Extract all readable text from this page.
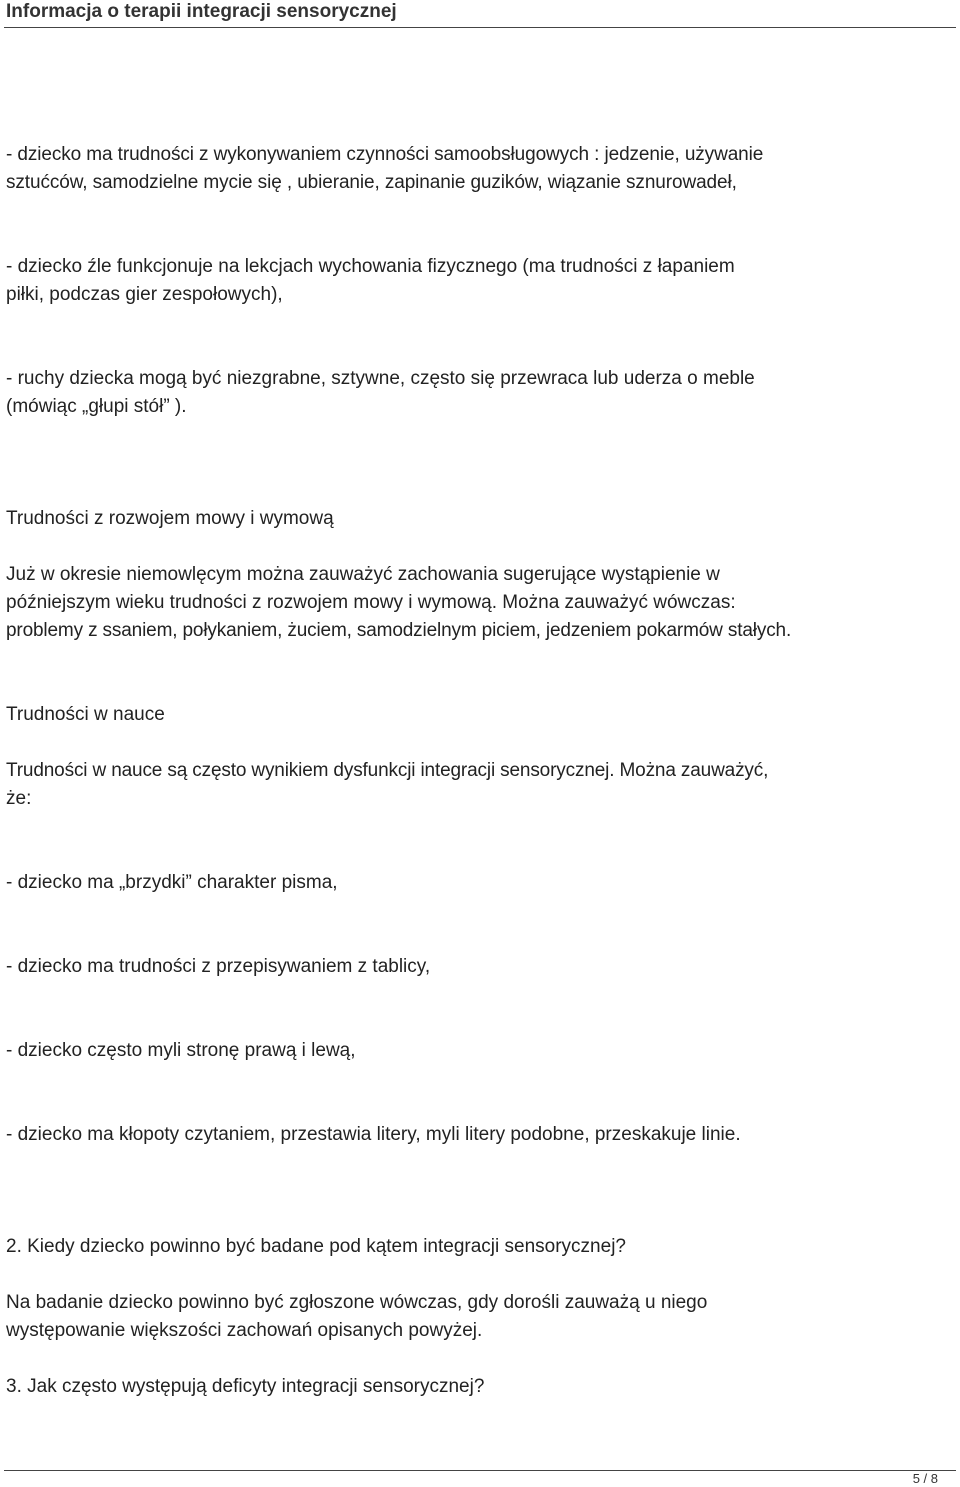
Informacja o terapii integracji sensorycznej

- dziecko ma trudności z wykonywaniem czynności samoobsługowych : jedzenie, używanie
sztućców, samodzielne mycie się , ubieranie, zapinanie guzików, wiązanie sznurowadeł,

- dziecko źle funkcjonuje na lekcjach wychowania fizycznego (ma trudności z łapaniem
piłki, podczas gier zespołowych),

- ruchy dziecka mogą być niezgrabne, sztywne, często się przewraca lub uderza o meble
(mówiąc „głupi stół” ).

Trudności z rozwojem mowy i wymową

Już w okresie niemowlęcym można zauważyć zachowania sugerujące wystąpienie w
późniejszym wieku trudności z rozwojem mowy i wymową. Można zauważyć wówczas:
problemy z ssaniem, połykaniem, żuciem, samodzielnym piciem, jedzeniem pokarmów stałych.

Trudności w nauce

Trudności w nauce są często wynikiem dysfunkcji integracji sensorycznej. Można zauważyć,
że:

- dziecko ma „brzydki” charakter pisma,

- dziecko ma trudności z przepisywaniem z tablicy,

- dziecko często myli stronę prawą i lewą,

- dziecko ma kłopoty czytaniem, przestawia litery, myli litery podobne, przeskakuje linie.

2. Kiedy dziecko powinno być badane pod kątem integracji sensorycznej?

Na badanie dziecko powinno być zgłoszone wówczas, gdy dorośli zauważą u niego
występowanie większości zachowań opisanych powyżej.

3. Jak często występują deficyty integracji sensorycznej?

5 / 8
